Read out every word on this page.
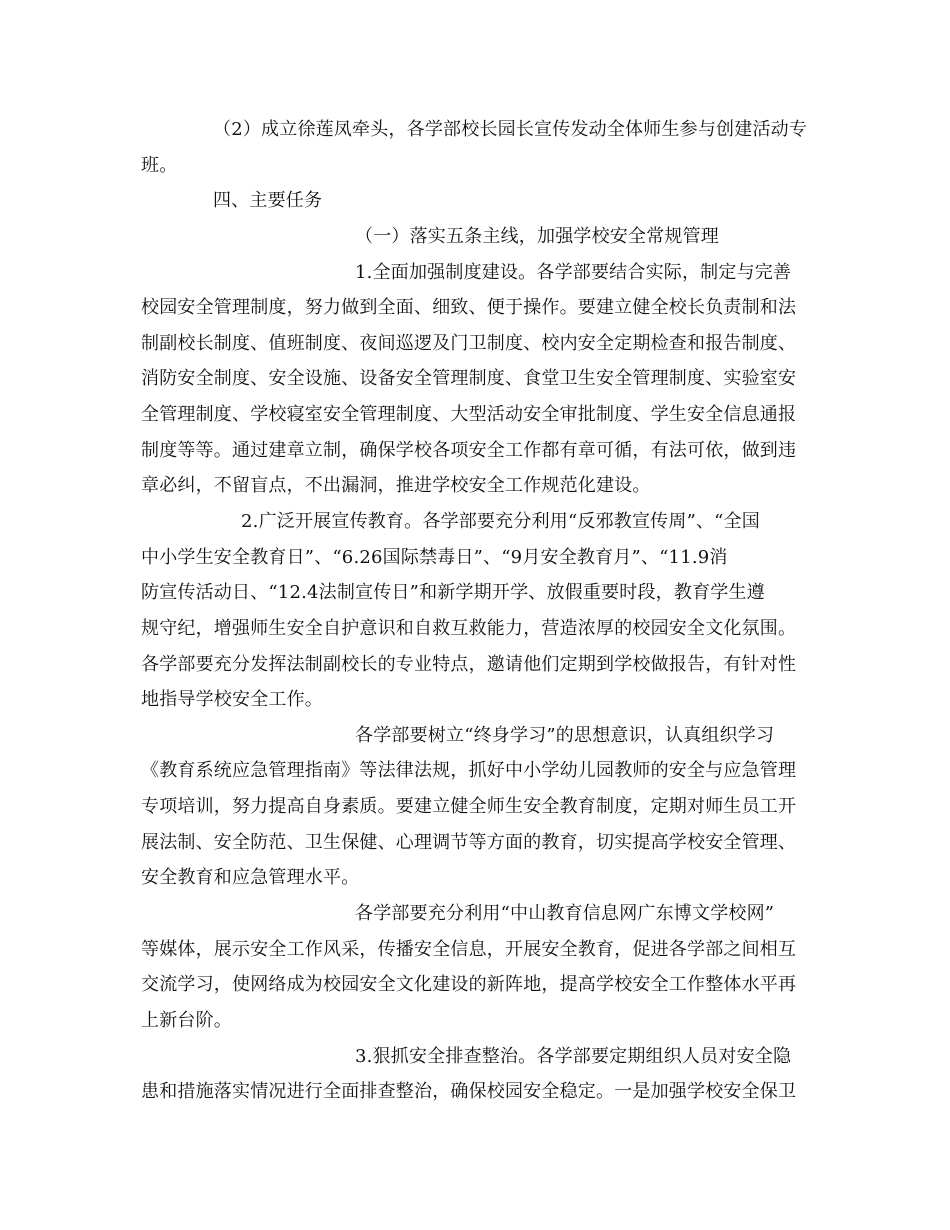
（2）成立徐莲凤牵头，各学部校长园长宣传发动全体师生参与创建活动专
班。
四、主要任务
（一）落实五条主线，加强学校安全常规管理
1.全面加强制度建设。各学部要结合实际，制定与完善
校园安全管理制度，努力做到全面、细致、便于操作。要建立健全校长负责制和法
制副校长制度、值班制度、夜间巡逻及门卫制度、校内安全定期检查和报告制度、
消防安全制度、安全设施、设备安全管理制度、食堂卫生安全管理制度、实验室安
全管理制度、学校寝室安全管理制度、大型活动安全审批制度、学生安全信息通报
制度等等。通过建章立制，确保学校各项安全工作都有章可循，有法可依，做到违
章必纠，不留盲点，不出漏洞，推进学校安全工作规范化建设。
2.广泛开展宣传教育。各学部要充分利用“反邪教宣传周”、“全国
中小学生安全教育日”、“6.26国际禁毒日”、“9月安全教育月”、“11.9消
防宣传活动日、“12.4法制宣传日”和新学期开学、放假重要时段，教育学生遵
规守纪，增强师生安全自护意识和自救互救能力，营造浓厚的校园安全文化氛围。
各学部要充分发挥法制副校长的专业特点，邀请他们定期到学校做报告，有针对性
地指导学校安全工作。
各学部要树立“终身学习”的思想意识，认真组织学习
《教育系统应急管理指南》等法律法规，抓好中小学幼儿园教师的安全与应急管理
专项培训，努力提高自身素质。要建立健全师生安全教育制度，定期对师生员工开
展法制、安全防范、卫生保健、心理调节等方面的教育，切实提高学校安全管理、
安全教育和应急管理水平。
各学部要充分利用“中山教育信息网广东博文学校网”
等媒体，展示安全工作风采，传播安全信息，开展安全教育，促进各学部之间相互
交流学习，使网络成为校园安全文化建设的新阵地，提高学校安全工作整体水平再
上新台阶。
3.狠抓安全排查整治。各学部要定期组织人员对安全隐
患和措施落实情况进行全面排查整治，确保校园安全稳定。一是加强学校安全保卫
